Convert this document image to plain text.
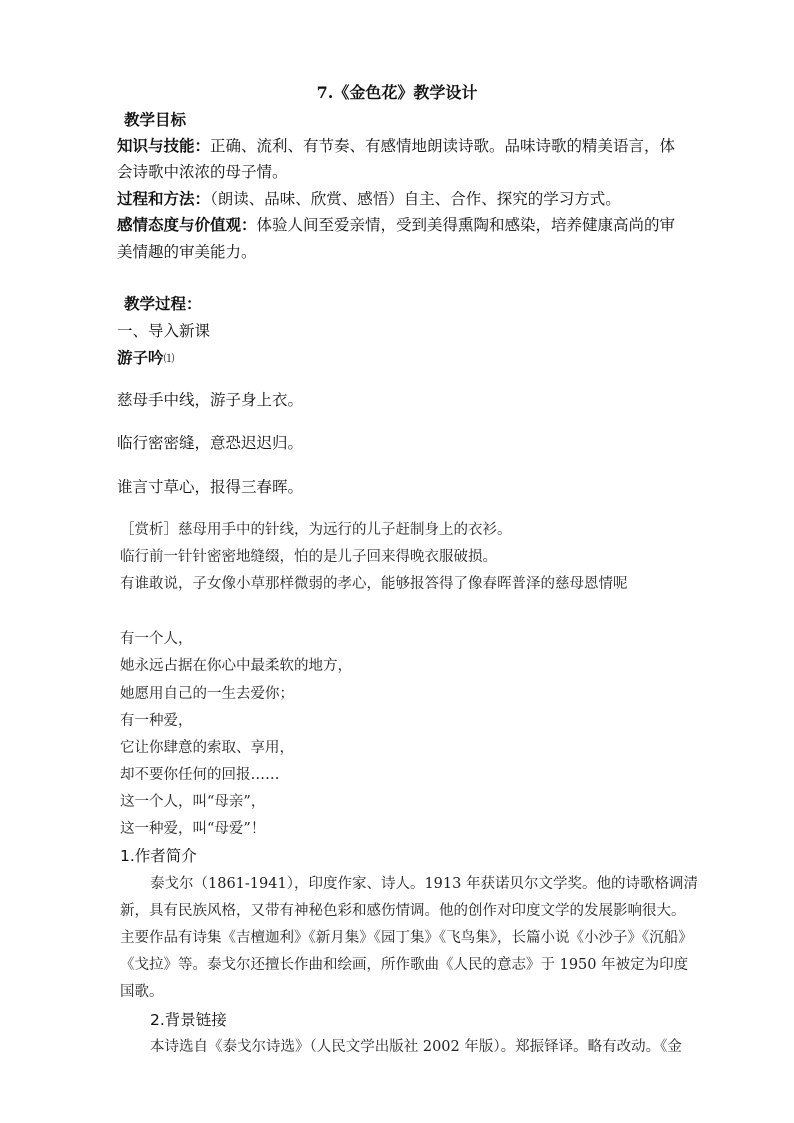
7.《金色花》教学设计
教学目标
知识与技能：正确、流利、有节奏、有感情地朗读诗歌。品味诗歌的精美语言，体
会诗歌中浓浓的母子情。
过程和方法：（朗读、品味、欣赏、感悟）自主、合作、探究的学习方式。
感情态度与价值观：体验人间至爱亲情，受到美得熏陶和感染，培养健康高尚的审
美情趣的审美能力。
教学过程：
一、导入新课
游子吟⑴
慈母手中线，游子身上衣。
临行密密缝，意恐迟迟归。
谁言寸草心，报得三春晖。
［赏析］慈母用手中的针线，为远行的儿子赶制身上的衣衫。
临行前一针针密密地缝缀，怕的是儿子回来得晚衣服破损。
有谁敢说，子女像小草那样微弱的孝心，能够报答得了像春晖普泽的慈母恩情呢
有一个人，
她永远占据在你心中最柔软的地方，
她愿用自己的一生去爱你；
有一种爱，
它让你肆意的索取、享用，
却不要你任何的回报……
这一个人，叫“母亲”，
这一种爱，叫“母爱”！
1.作者简介
泰戈尔（1861-1941），印度作家、诗人。1913 年获诺贝尔文学奖。他的诗歌格调清
新，具有民族风格，又带有神秘色彩和感伤情调。他的创作对印度文学的发展影响很大。
主要作品有诗集《吉檀迦利》《新月集》《园丁集》《飞鸟集》，长篇小说《小沙子》《沉船》
《戈拉》等。泰戈尔还擅长作曲和绘画，所作歌曲《人民的意志》于 1950 年被定为印度
国歌。
2.背景链接
本诗选自《泰戈尔诗选》（人民文学出版社 2002 年版）。郑振铎译。略有改动。《金
